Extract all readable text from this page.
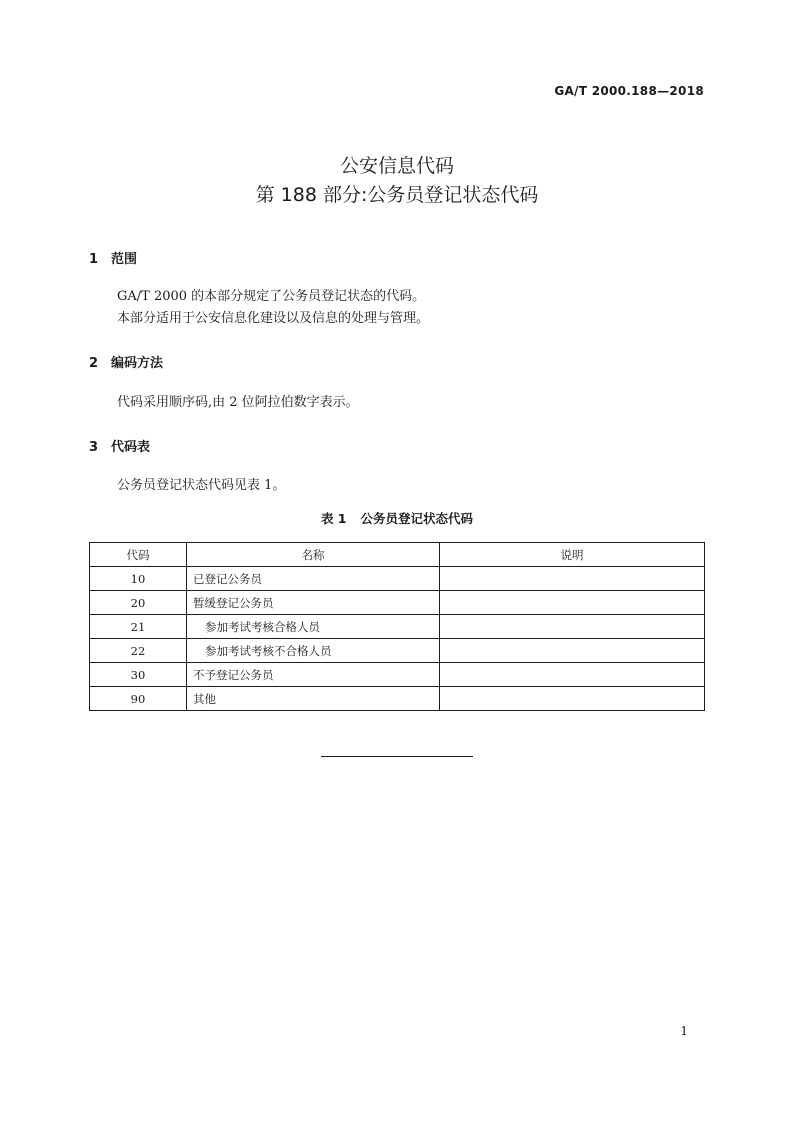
GA/T 2000.188—2018
公安信息代码
第 188 部分:公务员登记状态代码
1 范围
GA/T 2000 的本部分规定了公务员登记状态的代码。
本部分适用于公安信息化建设以及信息的处理与管理。
2 编码方法
代码采用顺序码,由 2 位阿拉伯数字表示。
3 代码表
公务员登记状态代码见表 1。
表 1 公务员登记状态代码
代码	名称	说明
10	已登记公务员	
20	暂缓登记公务员	
21	参加考试考核合格人员	
22	参加考试考核不合格人员	
30	不予登记公务员	
90	其他	
1
